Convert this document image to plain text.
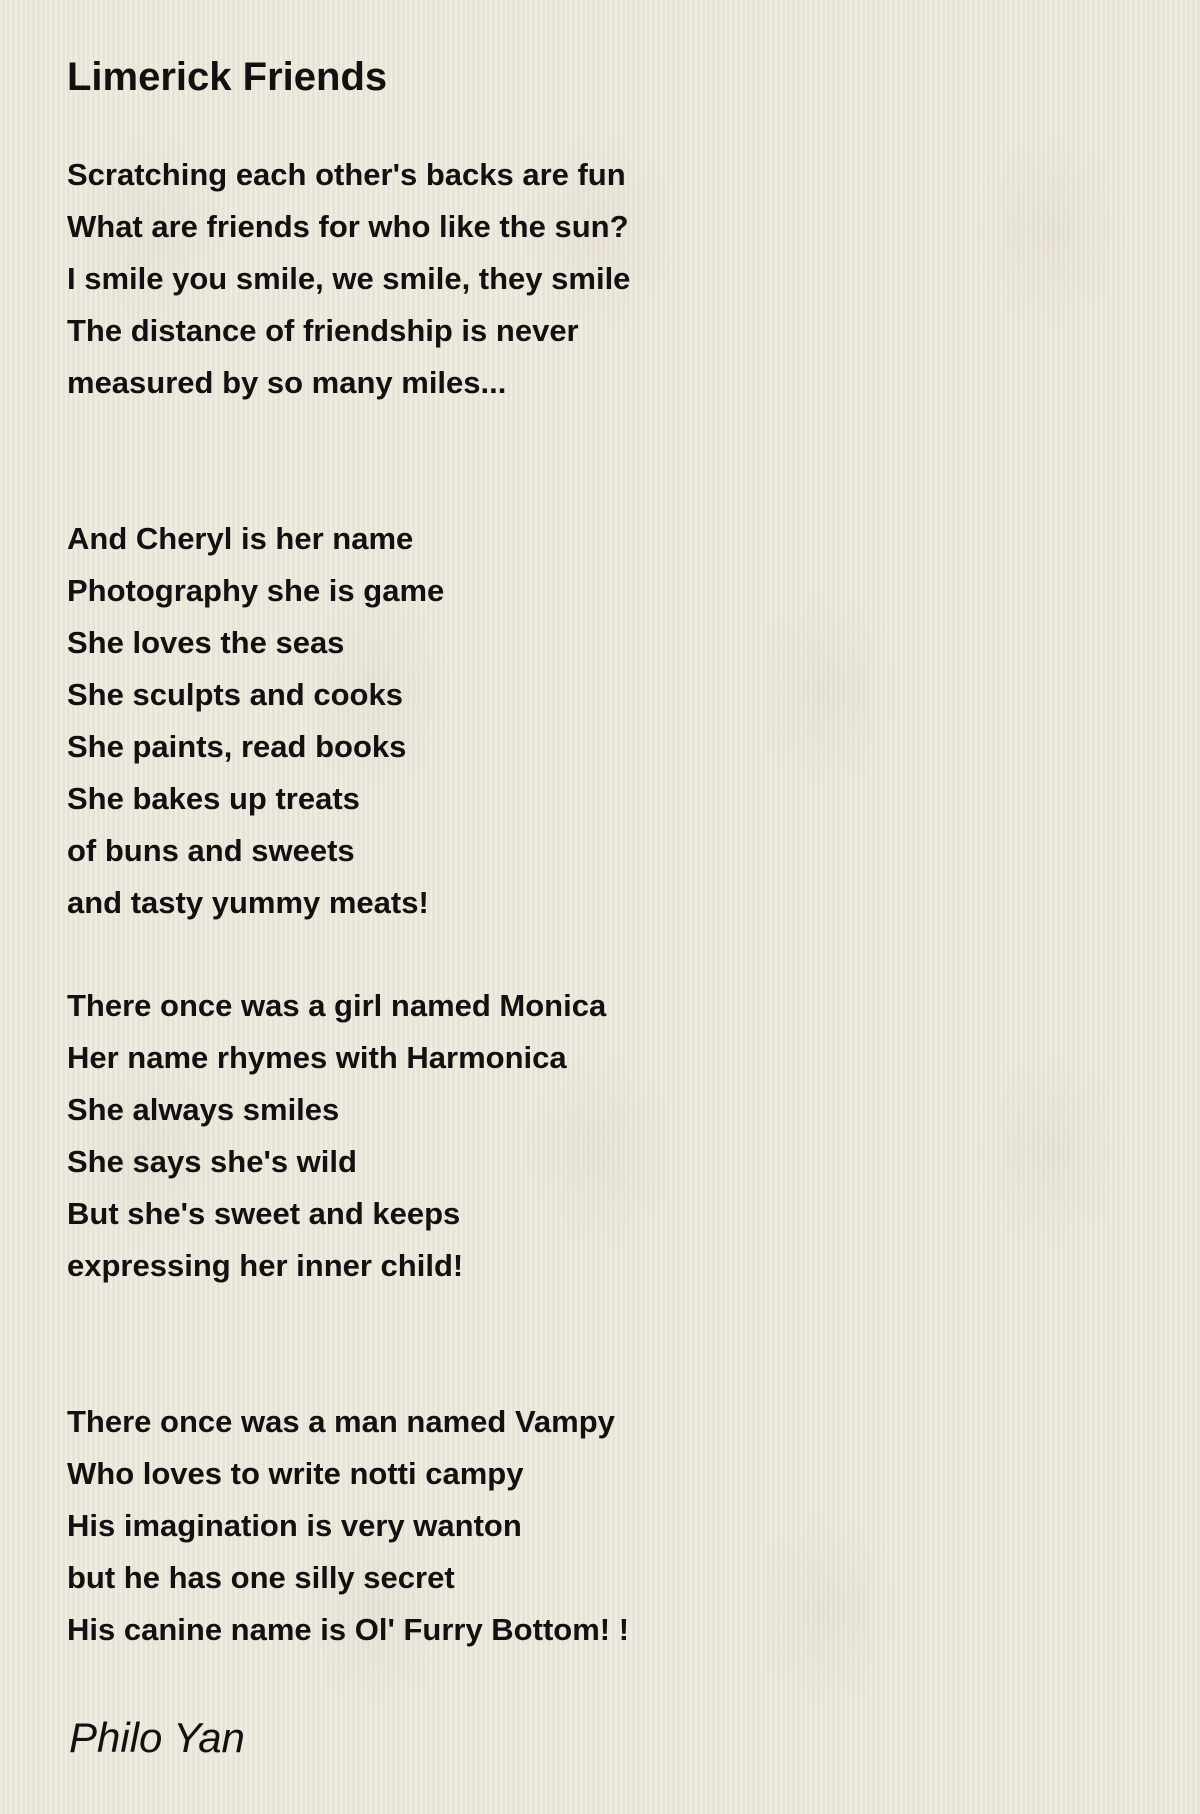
Limerick Friends
Scratching each other's backs are fun
What are friends for who like the sun?
I smile you smile, we smile, they smile
The distance of friendship is never
measured by so many miles...
And Cheryl is her name
Photography she is game
She loves the seas
She sculpts and cooks
She paints, read books
She bakes up treats
of buns and sweets
and tasty yummy meats!
There once was a girl named Monica
Her name rhymes with Harmonica
She always smiles
She says she's wild
But she's sweet and keeps
expressing her inner child!
There once was a man named Vampy
Who loves to write notti campy
His imagination is very wanton
but he has one silly secret
His canine name is Ol' Furry Bottom! !
Philo Yan
